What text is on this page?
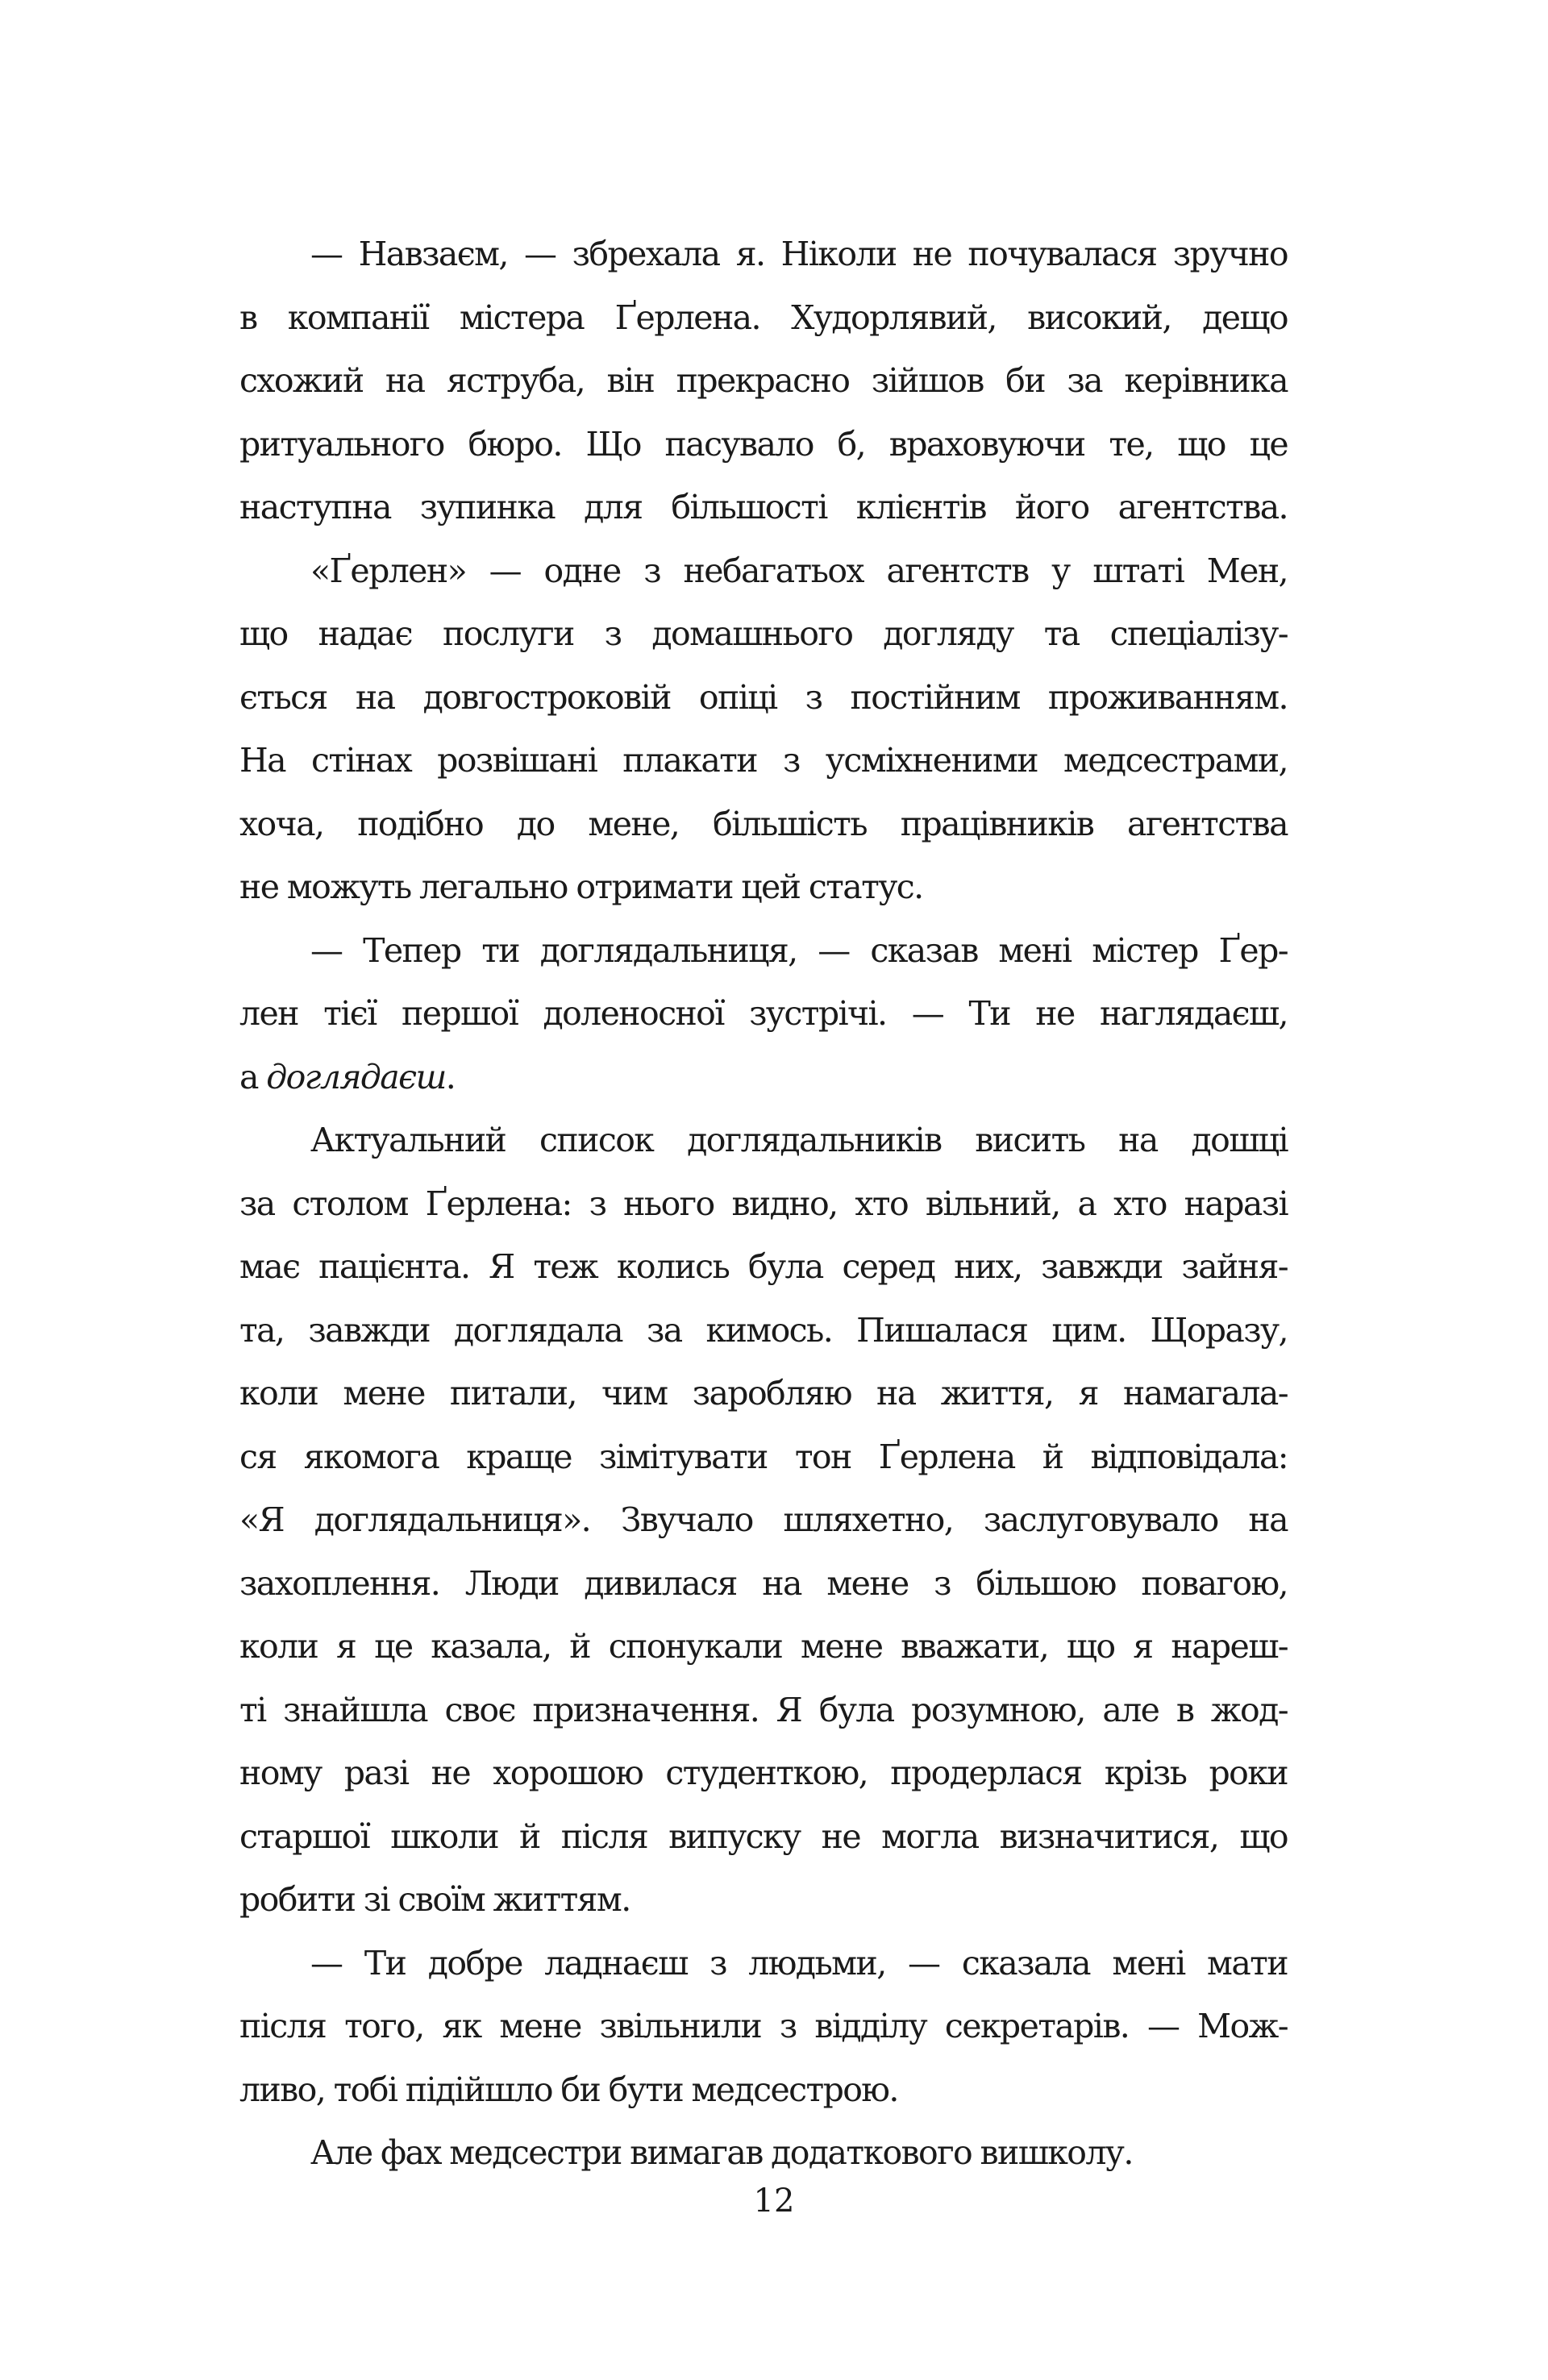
— Навзаєм, — збрехала я. Ніколи не почувалася зручно
в компанії містера Ґерлена. Худорлявий, високий, дещо
схожий на яструба, він прекрасно зійшов би за керівника
ритуального бюро. Що пасувало б, враховуючи те, що це
наступна зупинка для більшості клієнтів його агентства.
«Ґерлен» — одне з небагатьох агентств у штаті Мен,
що надає послуги з домашнього догляду та спеціалізу-
ється на довгостроковій опіці з постійним проживанням.
На стінах розвішані плакати з усміхненими медсестрами,
хоча, подібно до мене, більшість працівників агентства
не можуть легально отримати цей статус.
— Тепер ти доглядальниця, — сказав мені містер Ґер-
лен тієї першої доленосної зустрічі. — Ти не наглядаєш,
а доглядаєш.
Актуальний список доглядальників висить на дошці
за столом Ґерлена: з нього видно, хто вільний, а хто наразі
має пацієнта. Я теж колись була серед них, завжди зайня-
та, завжди доглядала за кимось. Пишалася цим. Щоразу,
коли мене питали, чим заробляю на життя, я намагала-
ся якомога краще зімітувати тон Ґерлена й відповідала:
«Я доглядальниця». Звучало шляхетно, заслуговувало на
захоплення. Люди дивилася на мене з більшою повагою,
коли я це казала, й спонукали мене вважати, що я нареш-
ті знайшла своє призначення. Я була розумною, але в жод-
ному разі не хорошою студенткою, продерлася крізь роки
старшої школи й після випуску не могла визначитися, що
робити зі своїм життям.
— Ти добре ладнаєш з людьми, — сказала мені мати
після того, як мене звільнили з відділу секретарів. — Мож-
ливо, тобі підійшло би бути медсестрою.
Але фах медсестри вимагав додаткового вишколу.
12
